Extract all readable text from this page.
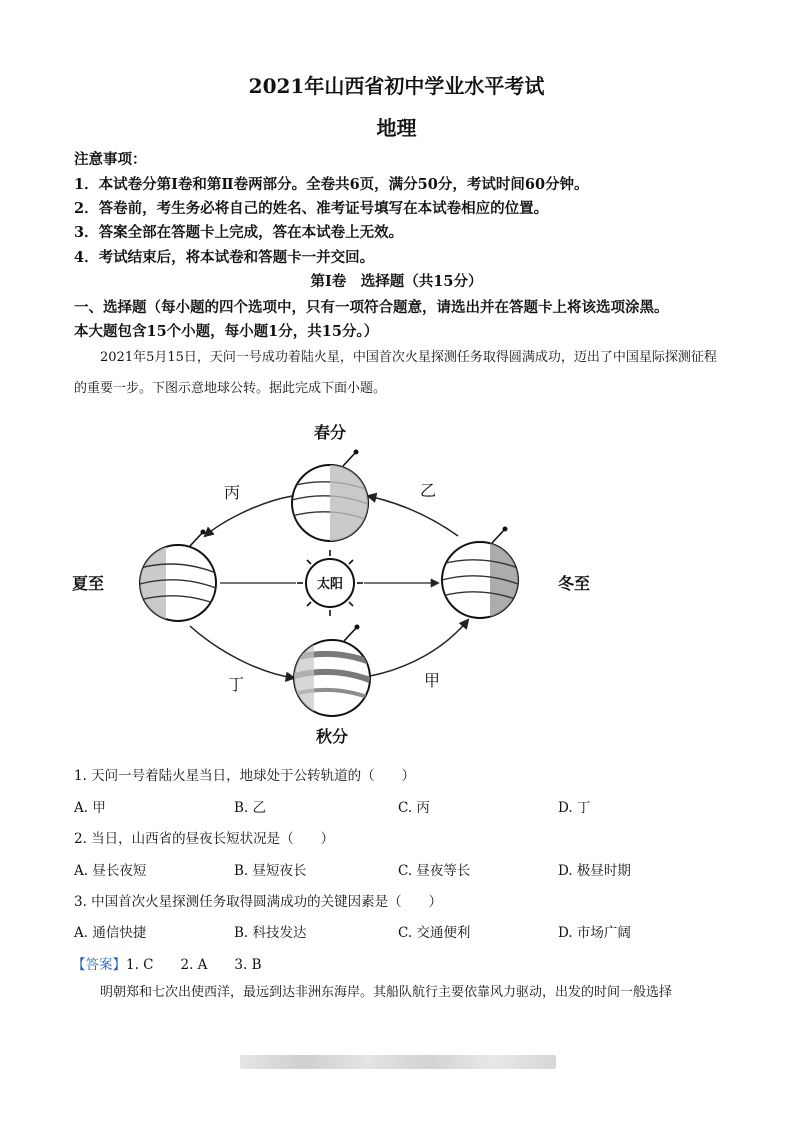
2021年山西省初中学业水平考试
地理
注意事项：
1．本试卷分第Ⅰ卷和第Ⅱ卷两部分。全卷共6页，满分50分，考试时间60分钟。
2．答卷前，考生务必将自己的姓名、准考证号填写在本试卷相应的位置。
3．答案全部在答题卡上完成，答在本试卷上无效。
4．考试结束后，将本试卷和答题卡一并交回。
第Ⅰ卷　选择题（共15分）
一、选择题（每小题的四个选项中，只有一项符合题意，请选出并在答题卡上将该选项涂黑。
本大题包含15个小题，每小题1分，共15分。）
2021年5月15日，天问一号成功着陆火星，中国首次火星探测任务取得圆满成功，迈出了中国星际探测征程的重要一步。下图示意地球公转。据此完成下面小题。
太阳
春分
夏至	冬至
秋分
丙	乙
丁	甲
1. 天问一号着陆火星当日，地球处于公转轨道的（　　）
A. 甲	B. 乙	C. 丙	D. 丁
2. 当日，山西省的昼夜长短状况是（　　）
A. 昼长夜短	B. 昼短夜长	C. 昼夜等长	D. 极昼时期
3. 中国首次火星探测任务取得圆满成功的关键因素是（　　）
A. 通信快捷	B. 科技发达	C. 交通便利	D. 市场广阔
【答案】1. C　　2. A　　3. B
明朝郑和七次出使西洋，最远到达非洲东海岸。其船队航行主要依靠风力驱动，出发的时间一般选择
